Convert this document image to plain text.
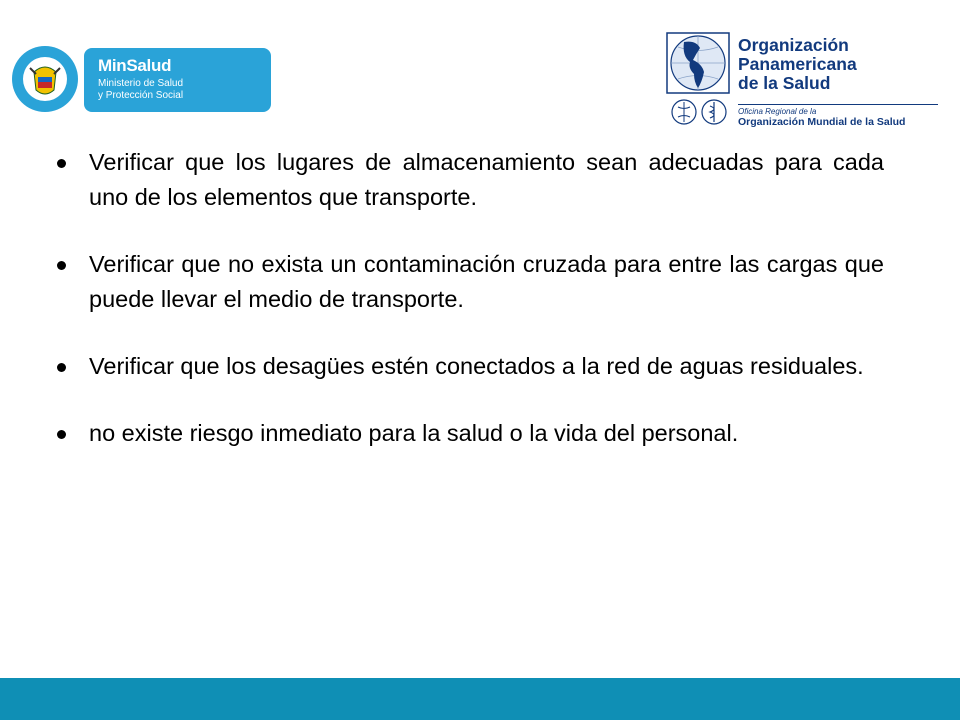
MinSalud
Ministerio de Salud
y Protección Social
Organización
Panamericana
de la Salud
Oficina Regional de la
Organización Mundial de la Salud
Verificar que los lugares de almacenamiento sean adecuadas para cada uno de los elementos que transporte.
Verificar que no exista un contaminación cruzada para entre las cargas que puede llevar el medio de transporte.
Verificar que los desagües estén conectados a la red de aguas residuales.
no existe riesgo inmediato para la salud o la vida del personal.
